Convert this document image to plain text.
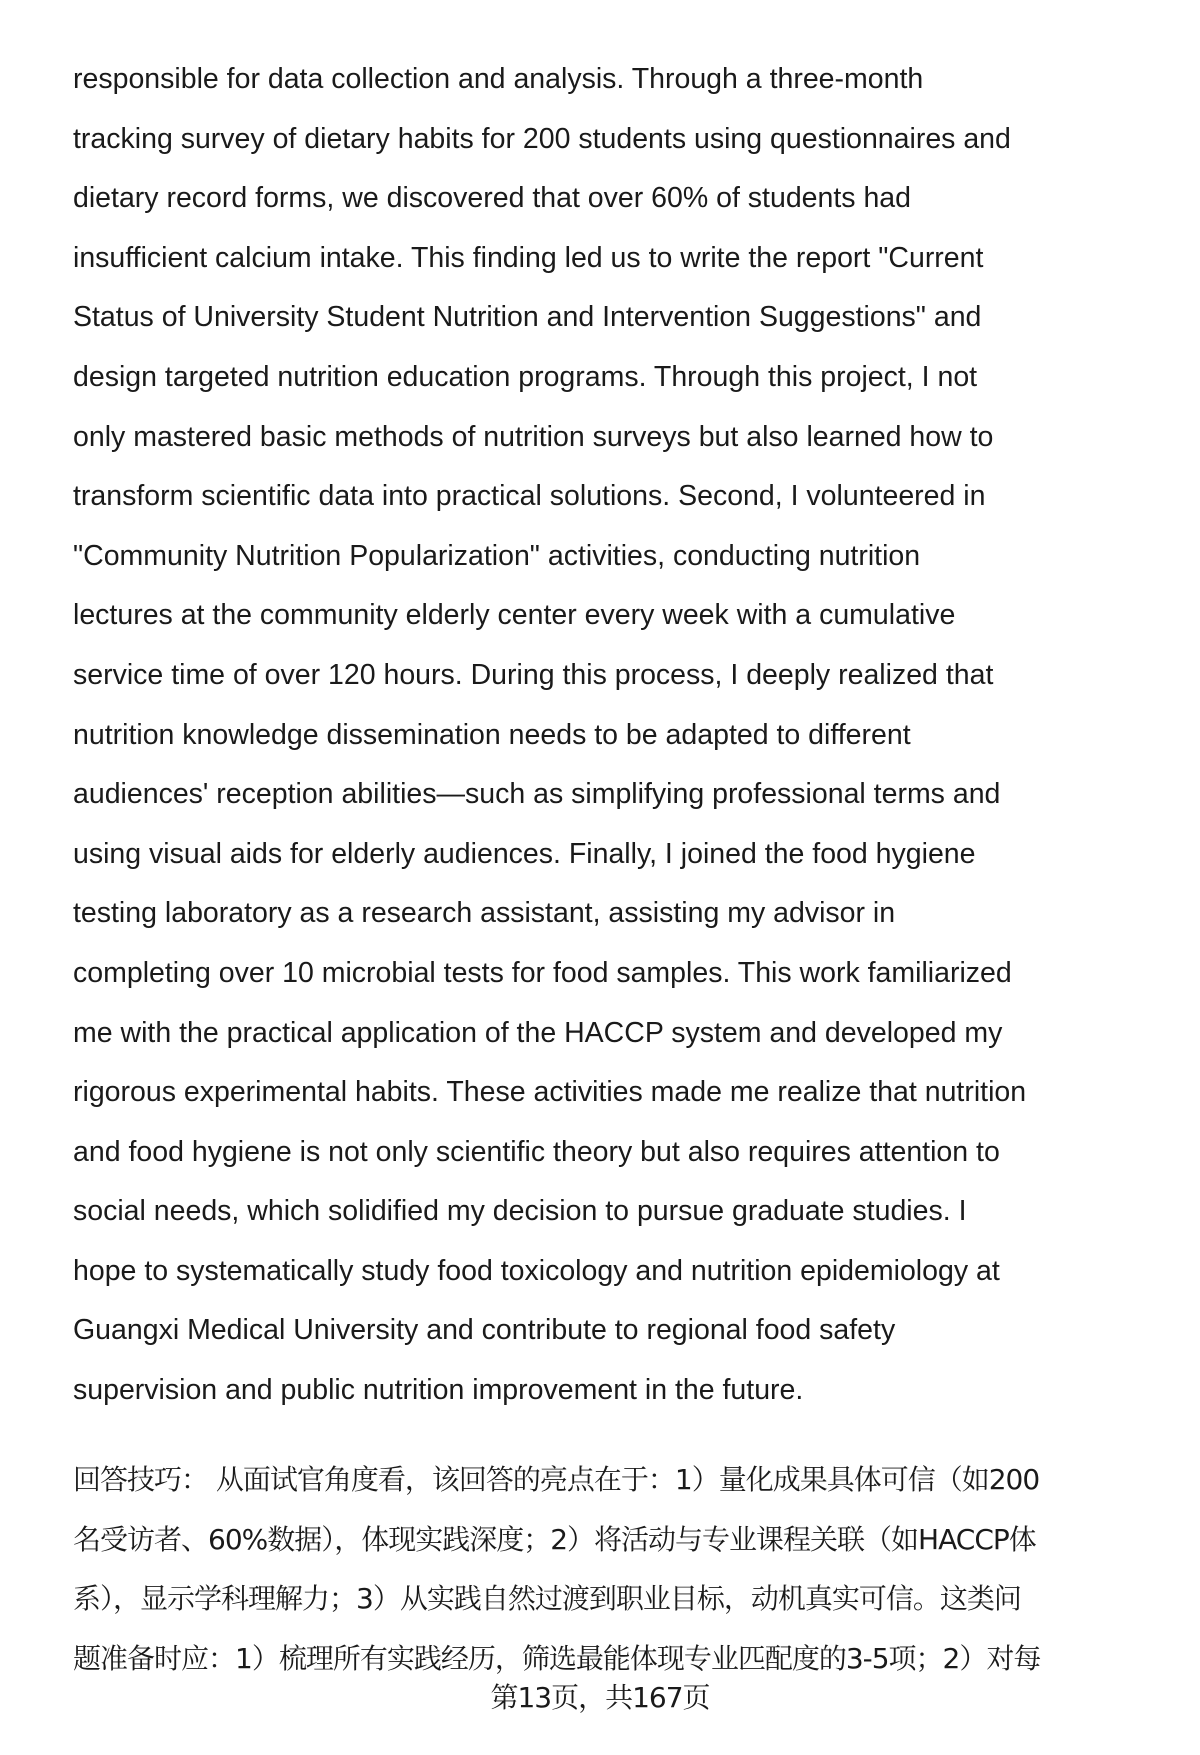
responsible for data collection and analysis. Through a three-month
tracking survey of dietary habits for 200 students using questionnaires and
dietary record forms, we discovered that over 60% of students had
insufficient calcium intake. This finding led us to write the report "Current
Status of University Student Nutrition and Intervention Suggestions" and
design targeted nutrition education programs. Through this project, I not
only mastered basic methods of nutrition surveys but also learned how to
transform scientific data into practical solutions. Second, I volunteered in
"Community Nutrition Popularization" activities, conducting nutrition
lectures at the community elderly center every week with a cumulative
service time of over 120 hours. During this process, I deeply realized that
nutrition knowledge dissemination needs to be adapted to different
audiences' reception abilities—such as simplifying professional terms and
using visual aids for elderly audiences. Finally, I joined the food hygiene
testing laboratory as a research assistant, assisting my advisor in
completing over 10 microbial tests for food samples. This work familiarized
me with the practical application of the HACCP system and developed my
rigorous experimental habits. These activities made me realize that nutrition
and food hygiene is not only scientific theory but also requires attention to
social needs, which solidified my decision to pursue graduate studies. I
hope to systematically study food toxicology and nutrition epidemiology at
Guangxi Medical University and contribute to regional food safety
supervision and public nutrition improvement in the future.
回答技巧： 从面试官角度看，该回答的亮点在于：1）量化成果具体可信（如200
名受访者、60%数据），体现实践深度；2）将活动与专业课程关联（如HACCP体
系），显示学科理解力；3）从实践自然过渡到职业目标，动机真实可信。这类问
题准备时应：1）梳理所有实践经历，筛选最能体现专业匹配度的3-5项；2）对每
第13页，共167页
